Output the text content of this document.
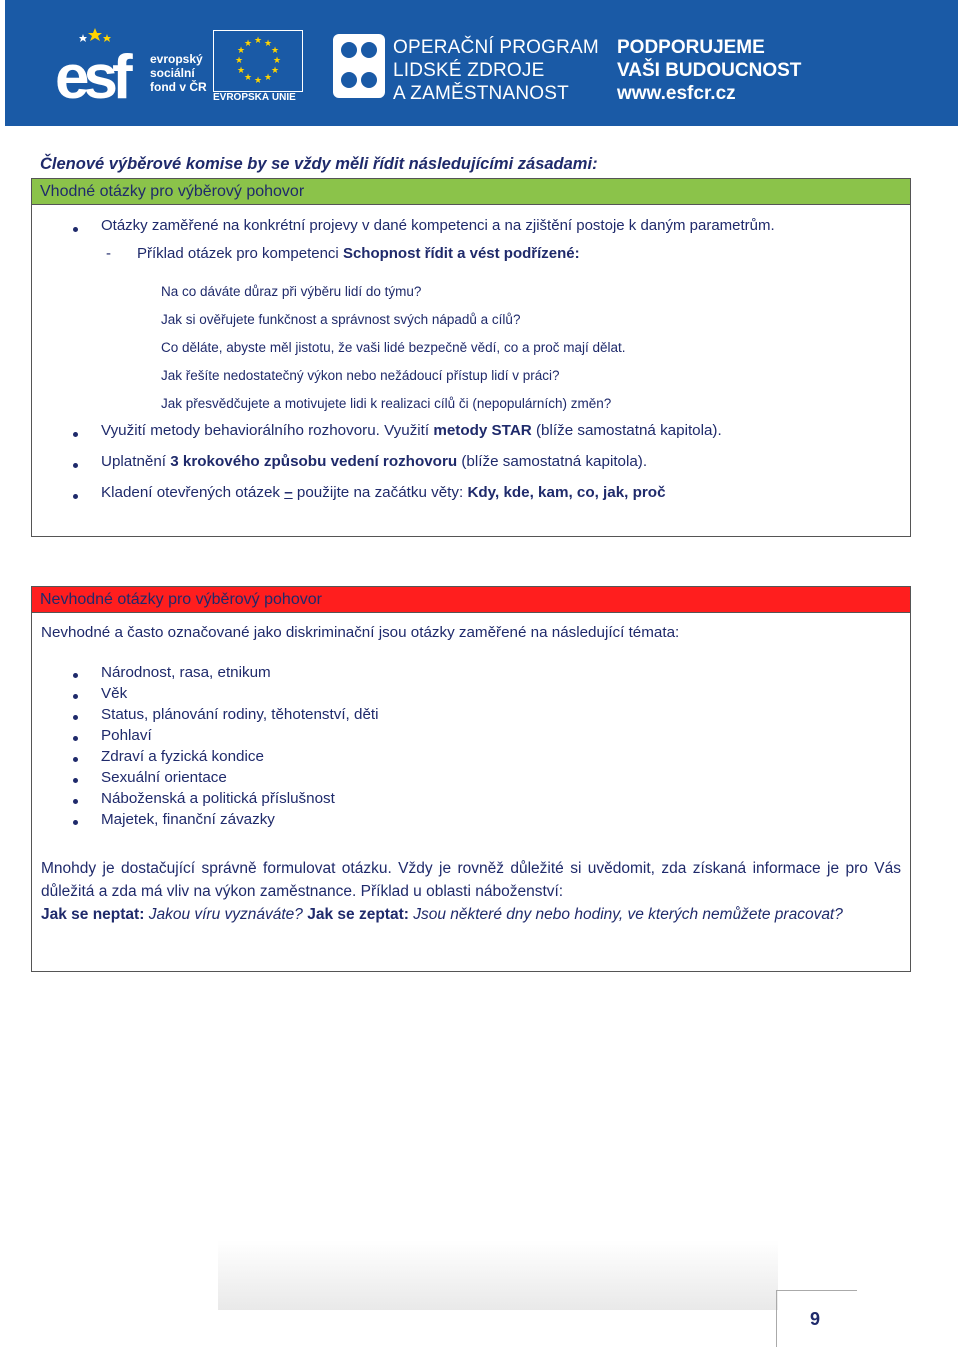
esf	evropský
sociální
fond v ČR
★ ★
★
★
★
★
★
★
★
★
★
★
EVROPSKÁ UNIE
OPERAČNÍ PROGRAM
LIDSKÉ ZDROJE
A ZAMĚSTNANOST
PODPORUJEME
VAŠI BUDOUCNOST
www.esfcr.cz
Členové výběrové komise by se vždy měli řídit následujícími zásadami:
Vhodné otázky pro výběrový pohovor
Otázky zaměřené na konkrétní projevy v dané kompetenci a na zjištění postoje k daným parametrům.
- Příklad otázek pro kompetenci Schopnost řídit a vést podřízené:
Na co dáváte důraz při výběru lidí do týmu?
Jak si ověřujete funkčnost a správnost svých nápadů a cílů?
Co děláte, abyste měl jistotu, že vaši lidé bezpečně vědí, co a proč mají dělat.
Jak řešíte nedostatečný výkon nebo nežádoucí přístup lidí v práci?
Jak přesvědčujete a motivujete lidi k realizaci cílů či (nepopulárních) změn?
Využití metody behaviorálního rozhovoru. Využití metody STAR (blíže samostatná kapitola).
Uplatnění 3 krokového způsobu vedení rozhovoru (blíže samostatná kapitola).
Kladení otevřených otázek – použijte na začátku věty: Kdy, kde, kam, co, jak, proč
Nevhodné otázky pro výběrový pohovor
Nevhodné a často označované jako diskriminační jsou otázky zaměřené na následující témata:
Národnost, rasa, etnikum
Věk
Status, plánování rodiny, těhotenství, děti
Pohlaví
Zdraví a fyzická kondice
Sexuální orientace
Náboženská a politická příslušnost
Majetek, finanční závazky
Mnohdy je dostačující správně formulovat otázku. Vždy je rovněž důležité si uvědomit, zda získaná informace je pro Vás důležitá a zda má vliv na výkon zaměstnance. Příklad u oblasti náboženství:
Jak se neptat: Jakou víru vyznáváte? Jak se zeptat: Jsou některé dny nebo hodiny, ve kterých nemůžete pracovat?
9
